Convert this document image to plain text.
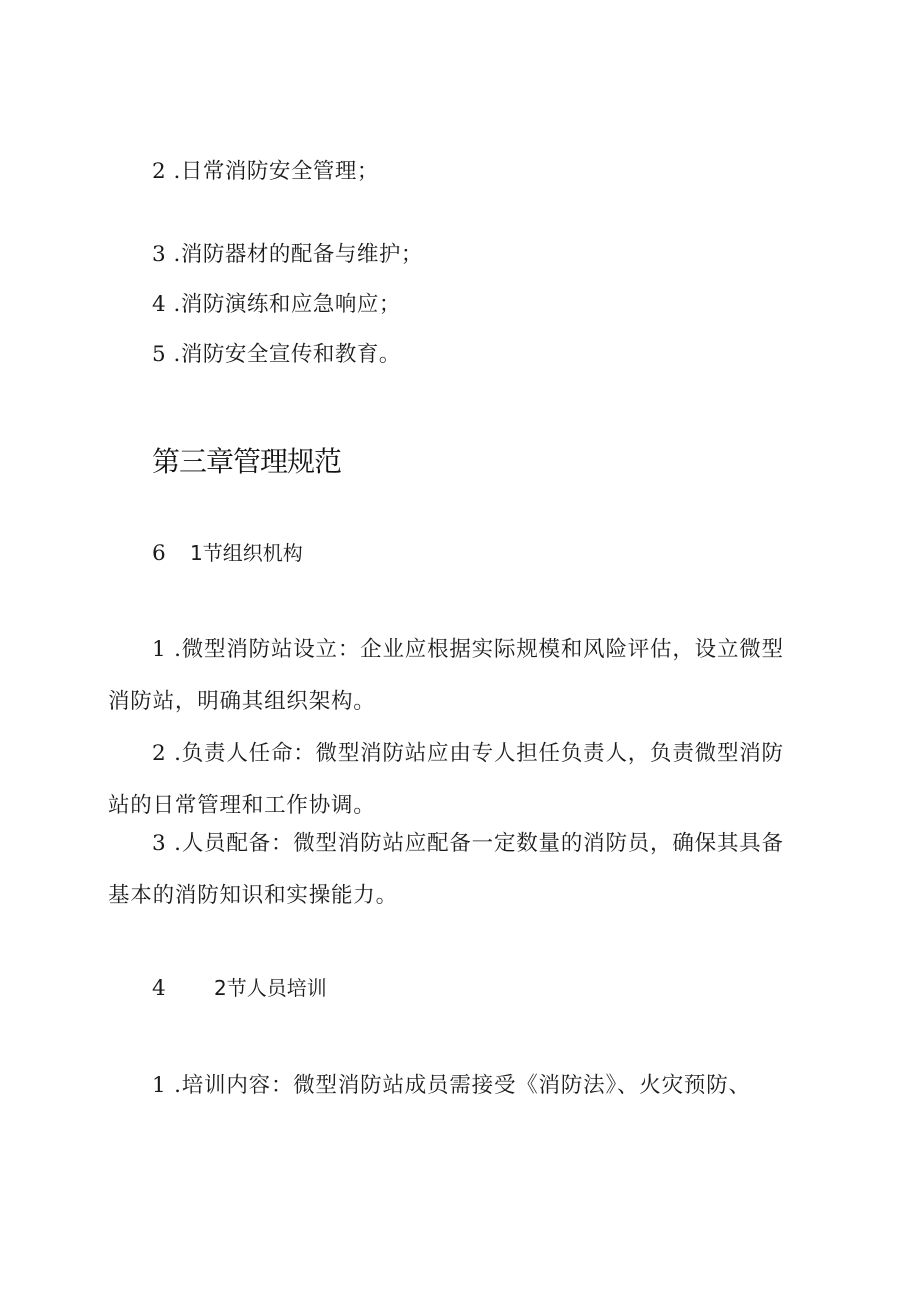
2 .日常消防安全管理；
3 .消防器材的配备与维护；
4 .消防演练和应急响应；
5 .消防安全宣传和教育。
第三章管理规范
6 1节组织机构
1 .微型消防站设立：企业应根据实际规模和风险评估，设立微型消防站，明确其组织架构。
2 .负责人任命：微型消防站应由专人担任负责人，负责微型消防站的日常管理和工作协调。
3 .人员配备：微型消防站应配备一定数量的消防员，确保其具备基本的消防知识和实操能力。
4 2节人员培训
1 .培训内容：微型消防站成员需接受《消防法》、火灾预防、
